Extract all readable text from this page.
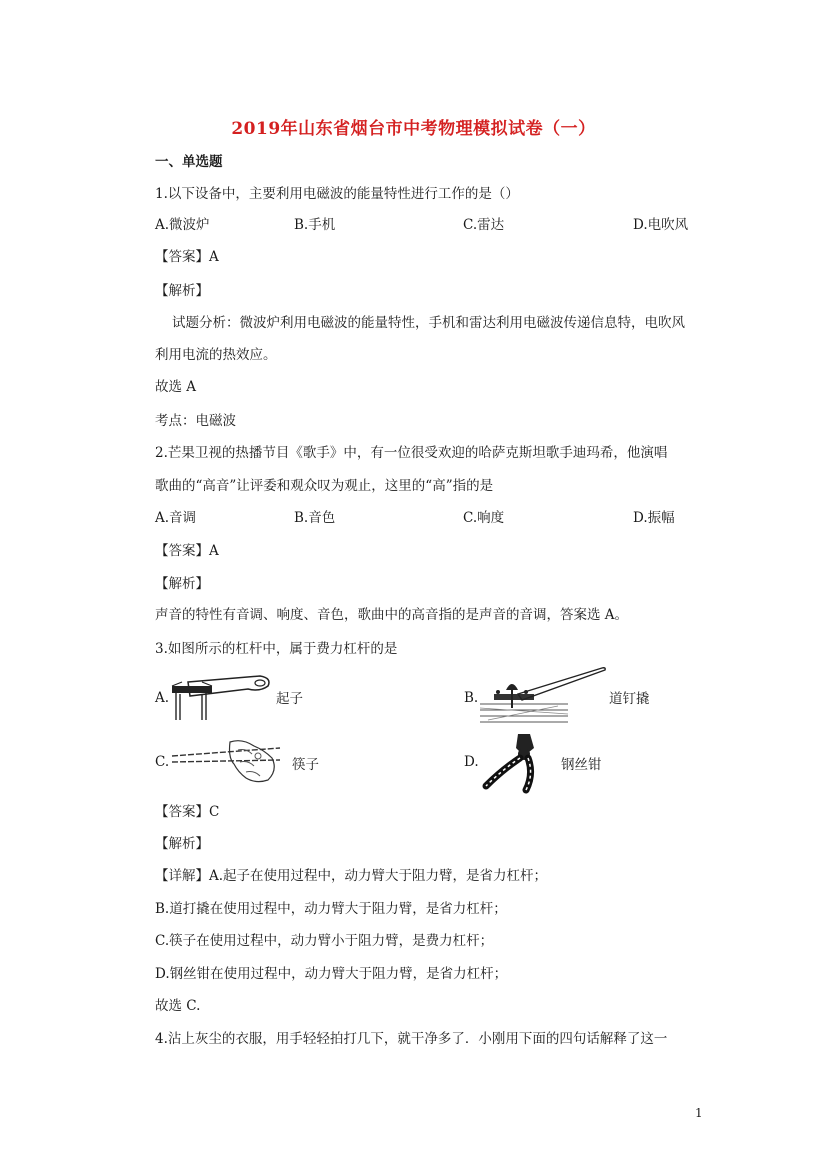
2019年山东省烟台市中考物理模拟试卷（一）
一、单选题
1.以下设备中，主要利用电磁波的能量特性进行工作的是（）
A.微波炉	B.手机	C.雷达	D.电吹风
【答案】A
【解析】
试题分析：微波炉利用电磁波的能量特性，手机和雷达利用电磁波传递信息特，电吹风
利用电流的热效应。
故选 A
考点：电磁波
2.芒果卫视的热播节目《歌手》中，有一位很受欢迎的哈萨克斯坦歌手迪玛希，他演唱
歌曲的“高音”让评委和观众叹为观止，这里的“高”指的是
A.音调	B.音色	C.响度	D.振幅
【答案】A
【解析】
声音的特性有音调、响度、音色，歌曲中的高音指的是声音的音调，答案选 A。
3.如图所示的杠杆中，属于费力杠杆的是
A.	起子	B.	道钉撬
C.	筷子	D.	钢丝钳
【答案】C
【解析】
【详解】A.起子在使用过程中，动力臂大于阻力臂，是省力杠杆；
B.道打撬在使用过程中，动力臂大于阻力臂，是省力杠杆；
C.筷子在使用过程中，动力臂小于阻力臂，是费力杠杆；
D.钢丝钳在使用过程中，动力臂大于阻力臂，是省力杠杆；
故选 C.
4.沾上灰尘的衣服，用手轻轻拍打几下，就干净多了．小刚用下面的四句话解释了这一
1
